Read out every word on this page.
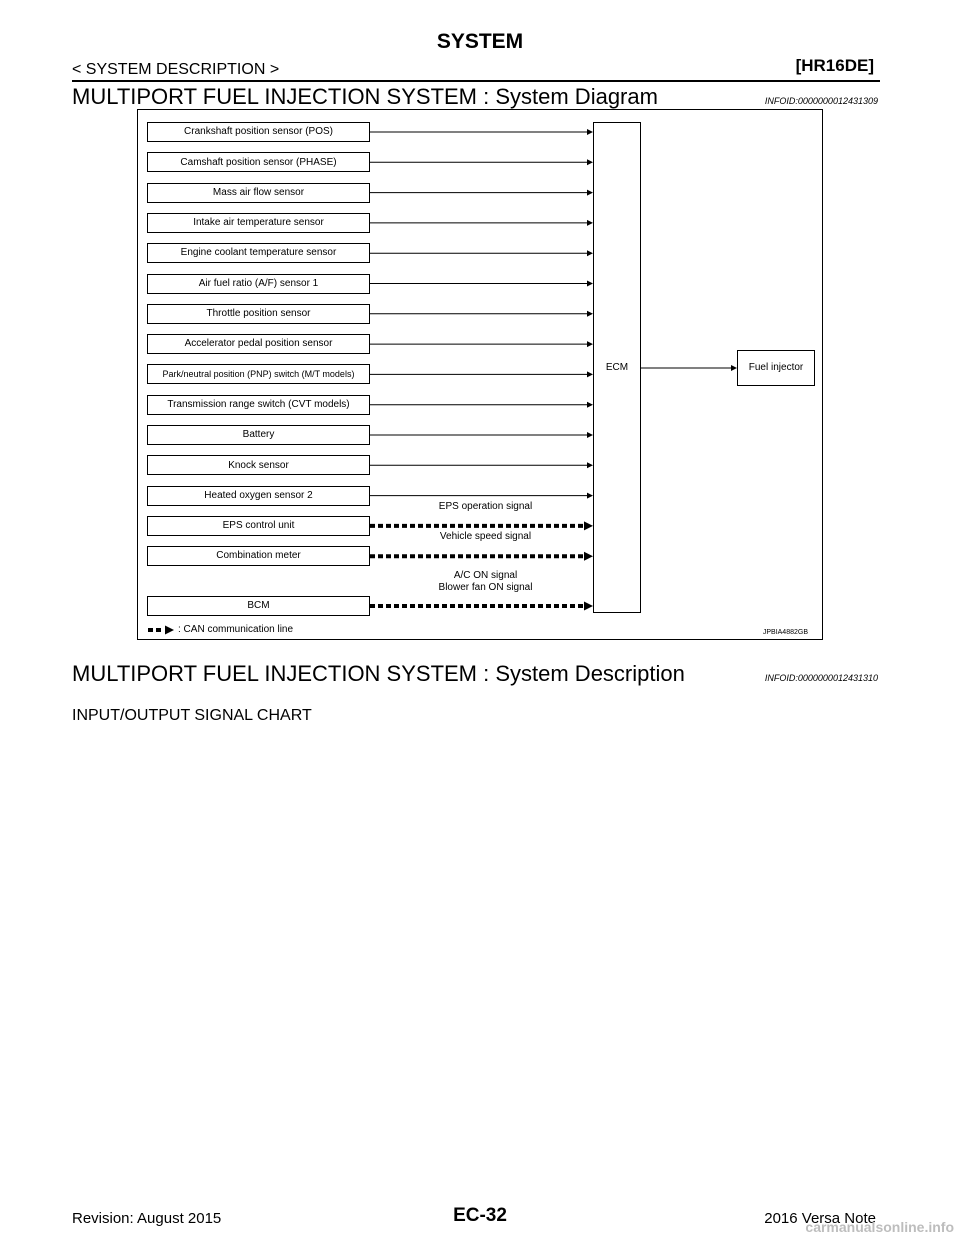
SYSTEM
< SYSTEM DESCRIPTION >	[HR16DE]
MULTIPORT FUEL INJECTION SYSTEM : System Diagram	INFOID:0000000012431309
Crankshaft position sensor (POS)
Camshaft position sensor (PHASE)
Mass air flow sensor
Intake air temperature sensor
Engine coolant temperature sensor
Air fuel ratio (A/F) sensor 1
Throttle position sensor
Accelerator pedal position sensor
Park/neutral position (PNP) switch (M/T models)
Transmission range switch (CVT models)
Battery
Knock sensor
Heated oxygen sensor 2
EPS control unit
Combination meter
BCM
ECM	Fuel injector
: CAN communication line	JPBIA4882GB
EPS operation signal
Vehicle speed signal
A/C ON signal
Blower fan ON signal
MULTIPORT FUEL INJECTION SYSTEM : System Description	INFOID:0000000012431310
INPUT/OUTPUT SIGNAL CHART
Revision: August 2015	EC-32	2016 Versa Note
carmanualsonline.info
